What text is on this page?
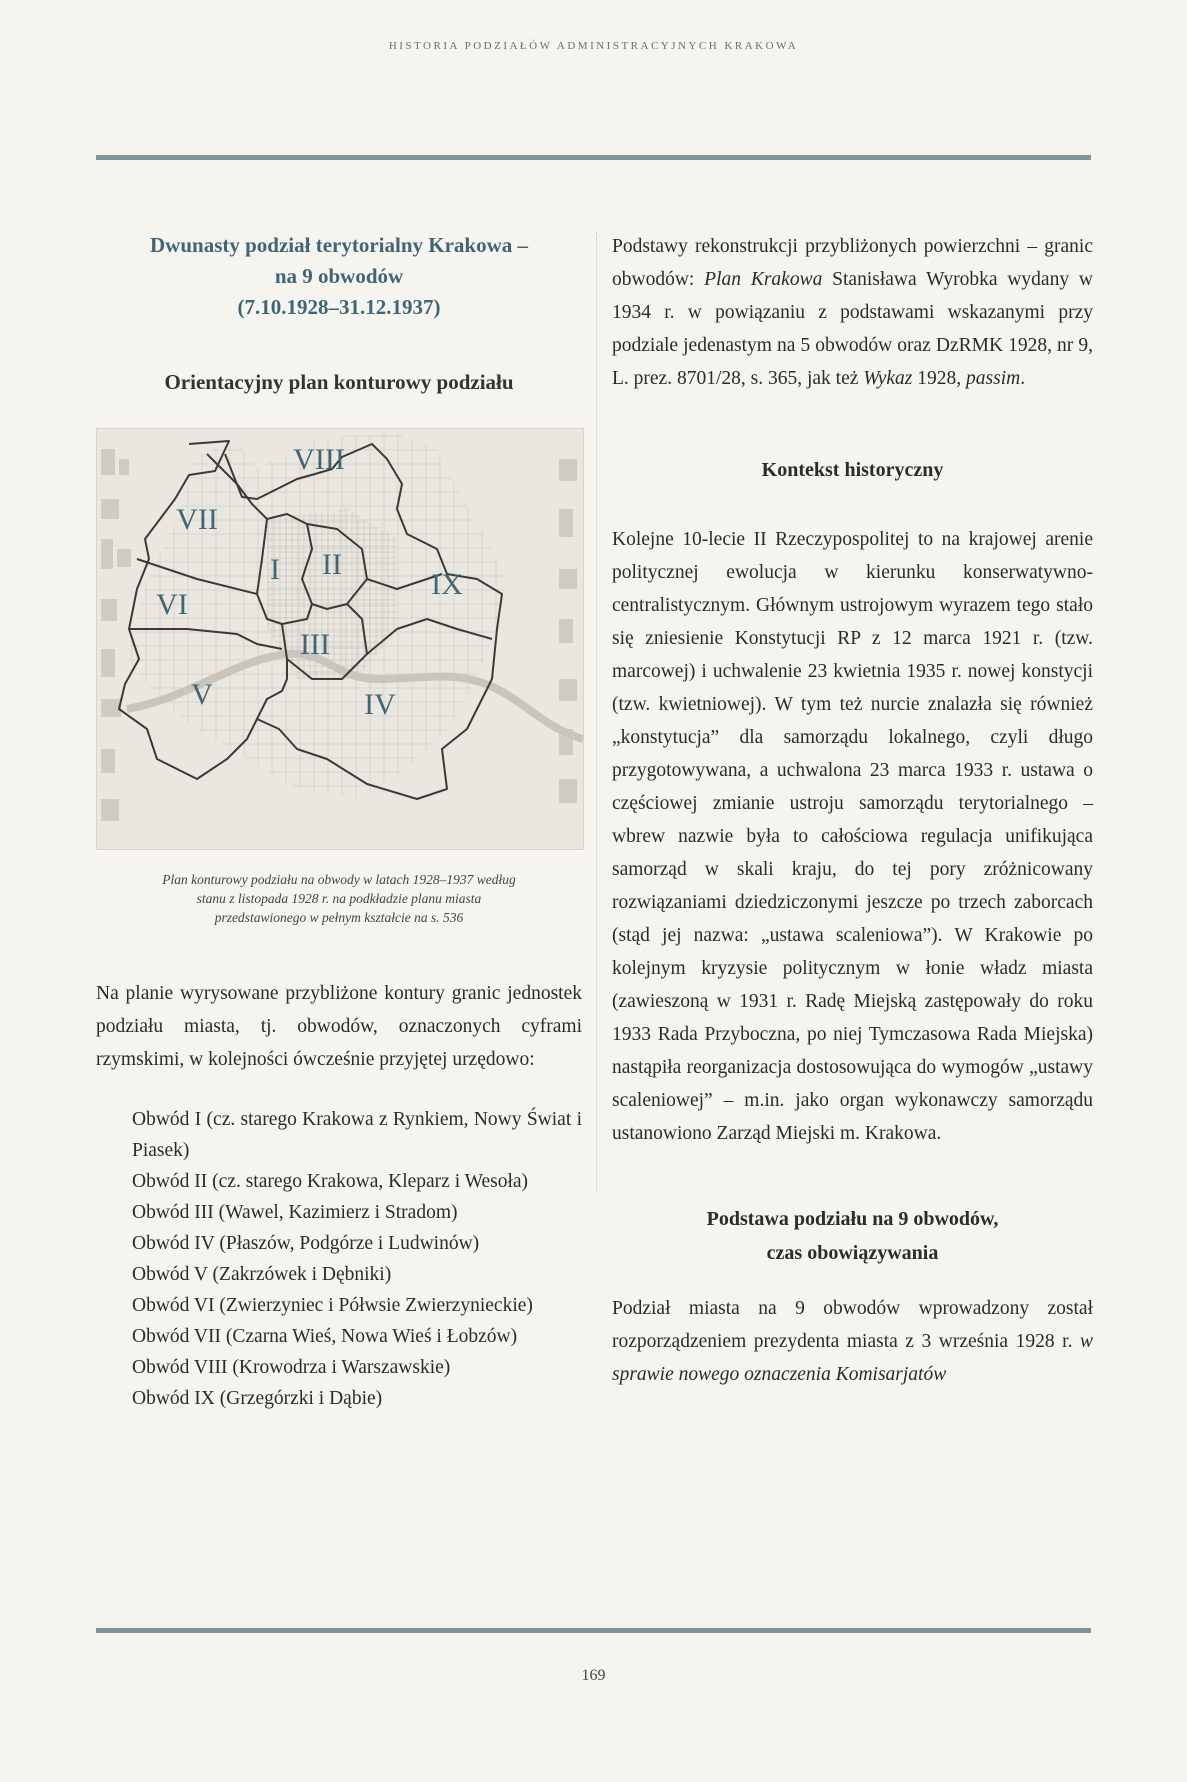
HISTORIA PODZIAŁÓW ADMINISTRACYJNYCH KRAKOWA
Dwunasty podział terytorialny Krakowa –
na 9 obwodów
(7.10.1928–31.12.1937)
Orientacyjny plan konturowy podziału
I II
III
IV
V
VI
VII
VIII
IX
Plan konturowy podziału na obwody w latach 1928–1937 według
stanu z listopada 1928 r. na podkładzie planu miasta
przedstawionego w pełnym kształcie na s. 536

Na planie wyrysowane przybliżone kontury granic jednostek podziału miasta, tj. obwodów, oznaczonych cyframi rzymskimi, w kolejności ówcześnie przyjętej urzędowo:

Obwód I (cz. starego Krakowa z Rynkiem, Nowy Świat i Piasek)
Obwód II (cz. starego Krakowa, Kleparz i Wesoła)
Obwód III (Wawel, Kazimierz i Stradom)
Obwód IV (Płaszów, Podgórze i Ludwinów)
Obwód V (Zakrzówek i Dębniki)
Obwód VI (Zwierzyniec i Półwsie Zwierzynieckie)
Obwód VII (Czarna Wieś, Nowa Wieś i Łobzów)
Obwód VIII (Krowodrza i Warszawskie)
Obwód IX (Grzegórzki i Dąbie)

Podstawy rekonstrukcji przybliżonych powierzchni – granic obwodów: Plan Krakowa Stanisława Wyrobka wydany w 1934 r. w powiązaniu z podstawami wskazanymi przy podziale jedenastym na 5 obwodów oraz DzRMK 1928, nr 9, L. prez. 8701/28, s. 365, jak też Wykaz 1928, passim.

Kontekst historyczny

Kolejne 10-lecie II Rzeczypospolitej to na krajowej arenie politycznej ewolucja w kierunku konserwatywno-centralistycznym. Głównym ustrojowym wyrazem tego stało się zniesienie Konstytucji RP z 12 marca 1921 r. (tzw. marcowej) i uchwalenie 23 kwietnia 1935 r. nowej konstycji (tzw. kwietniowej). W tym też nurcie znalazła się również „konstytucja” dla samorządu lokalnego, czyli długo przygotowywana, a uchwalona 23 marca 1933 r. ustawa o częściowej zmianie ustroju samorządu terytorialnego – wbrew nazwie była to całościowa regulacja unifikująca samorząd w skali kraju, do tej pory zróżnicowany rozwiązaniami dziedziczonymi jeszcze po trzech zaborcach (stąd jej nazwa: „ustawa scaleniowa”). W Krakowie po kolejnym kryzysie politycznym w łonie władz miasta (zawieszoną w 1931 r. Radę Miejską zastępowały do roku 1933 Rada Przyboczna, po niej Tymczasowa Rada Miejska) nastąpiła reorganizacja dostosowująca do wymogów „ustawy scaleniowej” – m.in. jako organ wykonawczy samorządu ustanowiono Zarząd Miejski m. Krakowa.

Podstawa podziału na 9 obwodów,
czas obowiązywania

Podział miasta na 9 obwodów wprowadzony został rozporządzeniem prezydenta miasta z 3 września 1928 r. w sprawie nowego oznaczenia Komisarjatów

169
